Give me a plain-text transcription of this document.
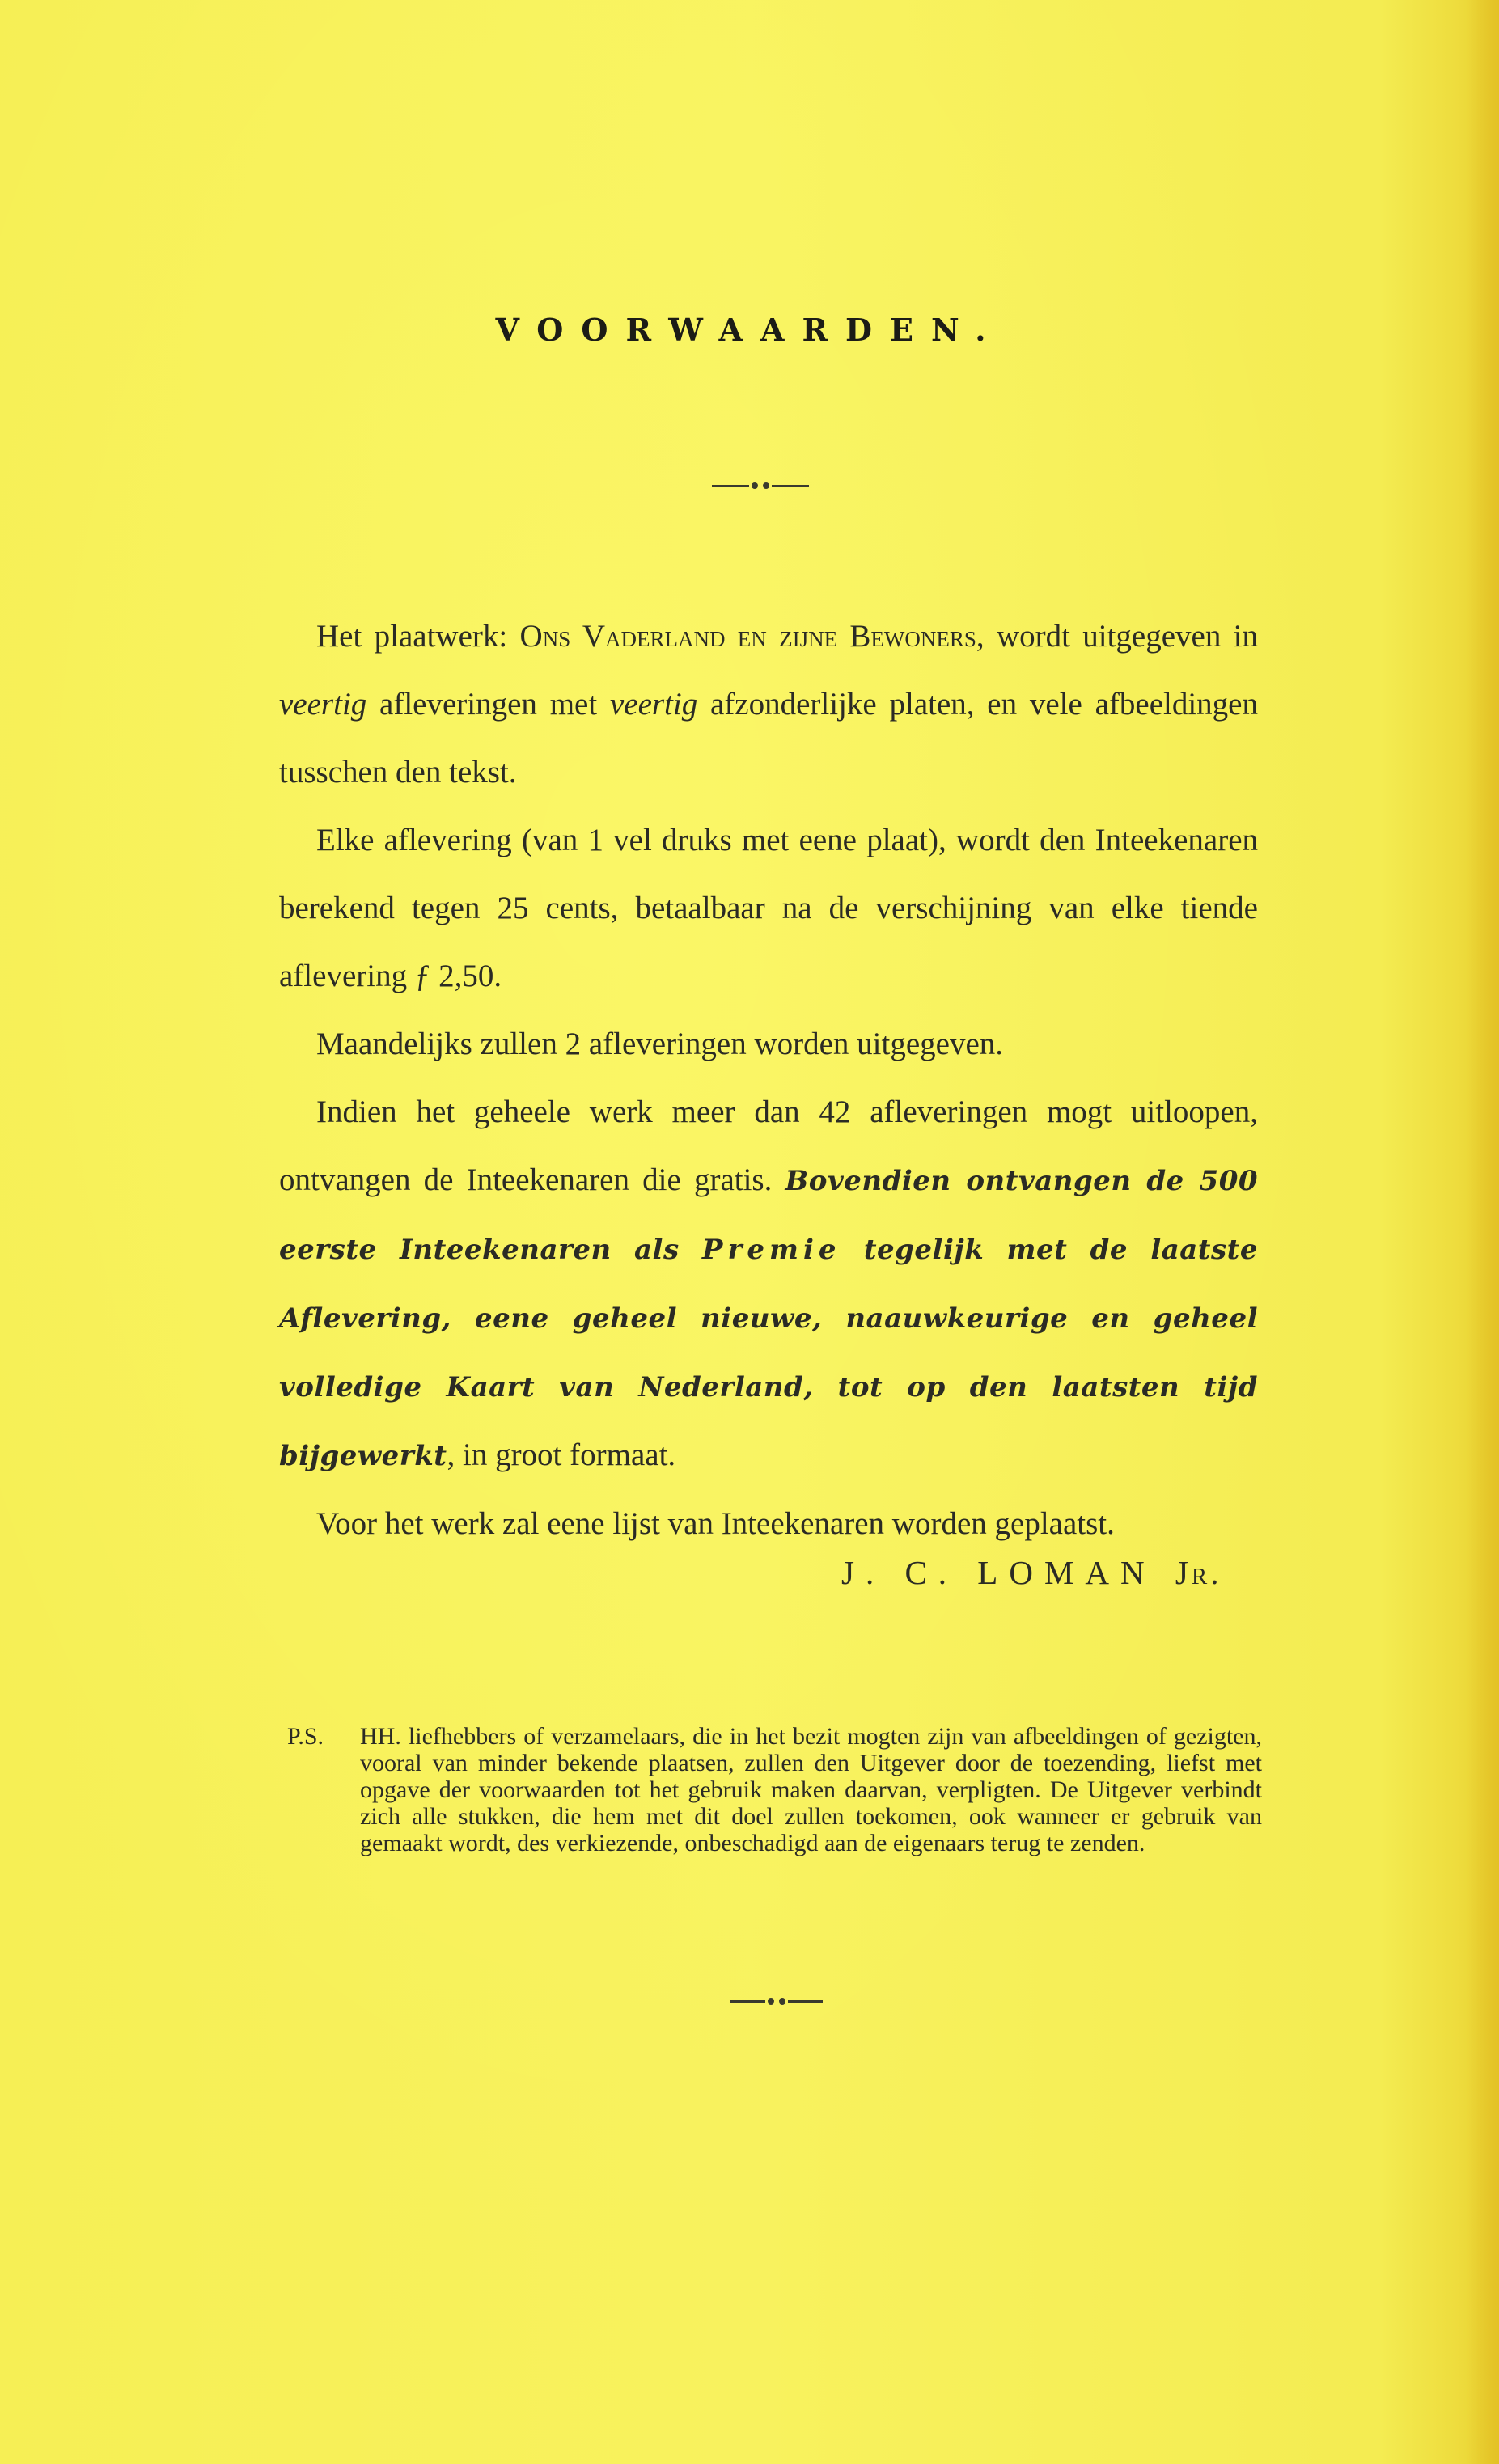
VOORWAARDEN.

Het plaatwerk: Ons Vaderland en zijne Bewoners, wordt uitgegeven in veertig afleveringen met veertig afzonderlijke platen, en vele afbeeldingen tusschen den tekst.

Elke aflevering (van 1 vel druks met eene plaat), wordt den Inteekenaren berekend tegen 25 cents, betaalbaar na de verschijning van elke tiende aflevering ƒ 2,50.

Maandelijks zullen 2 afleveringen worden uitgegeven.

Indien het geheele werk meer dan 42 afleveringen mogt uitloopen, ontvangen de Inteekenaren die gratis. Bovendien ontvangen de 500 eerste Inteekenaren als Premie tegelijk met de laatste Aflevering, eene geheel nieuwe, naauwkeurige en geheel volledige Kaart van Nederland, tot op den laatsten tijd bijgewerkt, in groot formaat.

Voor het werk zal eene lijst van Inteekenaren worden geplaatst.

J. C. LOMAN Jr.
P.S.	HH. liefhebbers of verzamelaars, die in het bezit mogten zijn van afbeeldingen of gezigten, vooral van minder bekende plaatsen, zullen den Uitgever door de toezending, liefst met opgave der voorwaarden tot het gebruik maken daarvan, verpligten. De Uitgever verbindt zich alle stukken, die hem met dit doel zullen toekomen, ook wanneer er gebruik van gemaakt wordt, des verkiezende, onbeschadigd aan de eigenaars terug te zenden.
